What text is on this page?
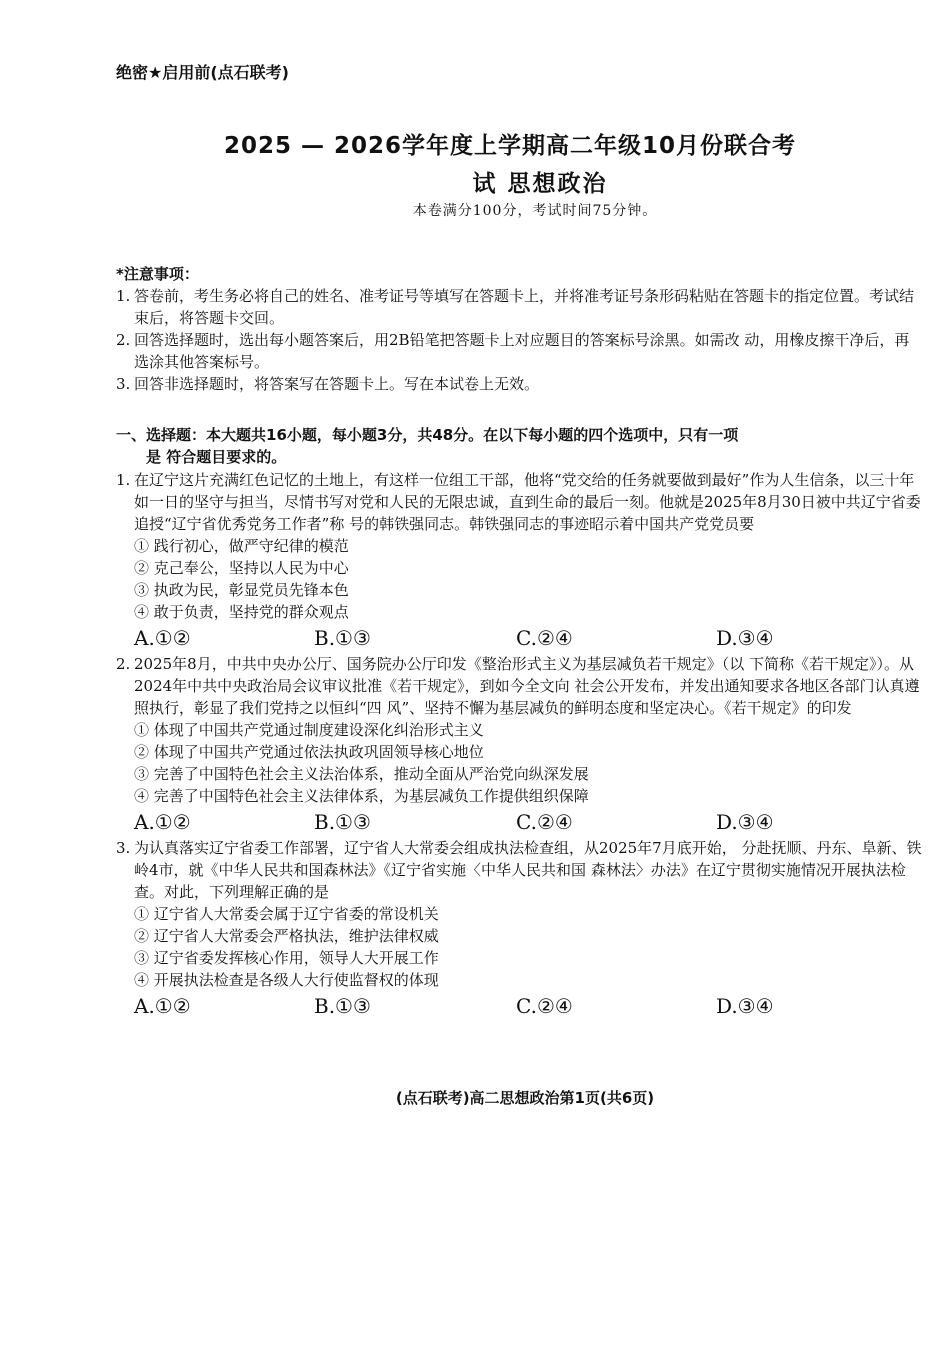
绝密★启用前(点石联考)
2025 — 2026学年度上学期高二年级10月份联合考
试 思想政治
本卷满分100分，考试时间75分钟。
*注意事项：
1. 答卷前，考生务必将自己的姓名、准考证号等填写在答题卡上，并将准考证号条形码粘贴在答题卡的指定位置。考试结束后，将答题卡交回。
2. 回答选择题时，选出每小题答案后，用2B铅笔把答题卡上对应题目的答案标号涂黑。如需改 动，用橡皮擦干净后，再选涂其他答案标号。
3. 回答非选择题时，将答案写在答题卡上。写在本试卷上无效。
一、选择题：本大题共16小题，每小题3分，共48分。在以下每小题的四个选项中，只有一项
是 符合题目要求的。
1. 在辽宁这片充满红色记忆的土地上，有这样一位组工干部，他将“党交给的任务就要做到最好”作为人生信条，以三十年如一日的坚守与担当，尽情书写对党和人民的无限忠诚，直到生命的最后一刻。他就是2025年8月30日被中共辽宁省委追授“辽宁省优秀党务工作者”称 号的韩铁强同志。韩铁强同志的事迹昭示着中国共产党党员要
① 践行初心，做严守纪律的模范
② 克己奉公，坚持以人民为中心
③ 执政为民，彰显党员先锋本色
④ 敢于负责，坚持党的群众观点
A.①②	B.①③	C.②④	D.③④
2. 2025年8月，中共中央办公厅、国务院办公厅印发《整治形式主义为基层减负若干规定》（以 下简称《若干规定》）。从2024年中共中央政治局会议审议批准《若干规定》，到如今全文向 社会公开发布，并发出通知要求各地区各部门认真遵照执行，彰显了我们党持之以恒纠“四 风”、坚持不懈为基层减负的鲜明态度和坚定决心。《若干规定》的印发
① 体现了中国共产党通过制度建设深化纠治形式主义
② 体现了中国共产党通过依法执政巩固领导核心地位
③ 完善了中国特色社会主义法治体系，推动全面从严治党向纵深发展
④ 完善了中国特色社会主义法律体系，为基层减负工作提供组织保障
A.①②	B.①③	C.②④	D.③④
3. 为认真落实辽宁省委工作部署，辽宁省人大常委会组成执法检查组，从2025年7月底开始， 分赴抚顺、丹东、阜新、铁岭4市，就《中华人民共和国森林法》《辽宁省实施〈中华人民共和国 森林法〉办法》在辽宁贯彻实施情况开展执法检查。对此，下列理解正确的是
① 辽宁省人大常委会属于辽宁省委的常设机关
② 辽宁省人大常委会严格执法，维护法律权威
③ 辽宁省委发挥核心作用，领导人大开展工作
④ 开展执法检查是各级人大行使监督权的体现
A.①②	B.①③	C.②④	D.③④
(点石联考)高二思想政治第1页(共6页)
